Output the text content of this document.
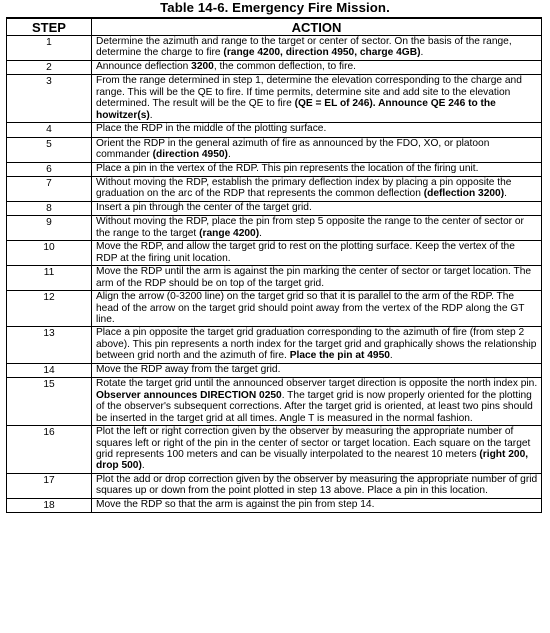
Table 14-6. Emergency Fire Mission.
STEP	ACTION
1	Determine the azimuth and range to the target or center of sector. On the basis of the range, determine the charge to fire (range 4200, direction 4950, charge 4GB).
2	Announce deflection 3200, the common deflection, to fire.
3	From the range determined in step 1, determine the elevation corresponding to the charge and range. This will be the QE to fire. If time permits, determine site and add site to the elevation determined. The result will be the QE to fire (QE = EL of 246). Announce QE 246 to the howitzer(s).
4	Place the RDP in the middle of the plotting surface.
5	Orient the RDP in the general azimuth of fire as announced by the FDO, XO, or platoon commander (direction 4950).
6	Place a pin in the vertex of the RDP. This pin represents the location of the firing unit.
7	Without moving the RDP, establish the primary deflection index by placing a pin opposite the graduation on the arc of the RDP that represents the common deflection (deflection 3200).
8	Insert a pin through the center of the target grid.
9	Without moving the RDP, place the pin from step 5 opposite the range to the center of sector or the range to the target (range 4200).
10	Move the RDP, and allow the target grid to rest on the plotting surface. Keep the vertex of the RDP at the firing unit location.
11	Move the RDP until the arm is against the pin marking the center of sector or target location. The arm of the RDP should be on top of the target grid.
12	Align the arrow (0-3200 line) on the target grid so that it is parallel to the arm of the RDP. The head of the arrow on the target grid should point away from the vertex of the RDP along the GT line.
13	Place a pin opposite the target grid graduation corresponding to the azimuth of fire (from step 2 above). This pin represents a north index for the target grid and graphically shows the relationship between grid north and the azimuth of fire. Place the pin at 4950.
14	Move the RDP away from the target grid.
15	Rotate the target grid until the announced observer target direction is opposite the north index pin. Observer announces DIRECTION 0250. The target grid is now properly oriented for the plotting of the observer's subsequent corrections. After the target grid is oriented, at least two pins should be inserted in the target grid at all times. Angle T is measured in the normal fashion.
16	Plot the left or right correction given by the observer by measuring the appropriate number of squares left or right of the pin in the center of sector or target location. Each square on the target grid represents 100 meters and can be visually interpolated to the nearest 10 meters (right 200, drop 500).
17	Plot the add or drop correction given by the observer by measuring the appropriate number of grid squares up or down from the point plotted in step 13 above. Place a pin in this location.
18	Move the RDP so that the arm is against the pin from step 14.
